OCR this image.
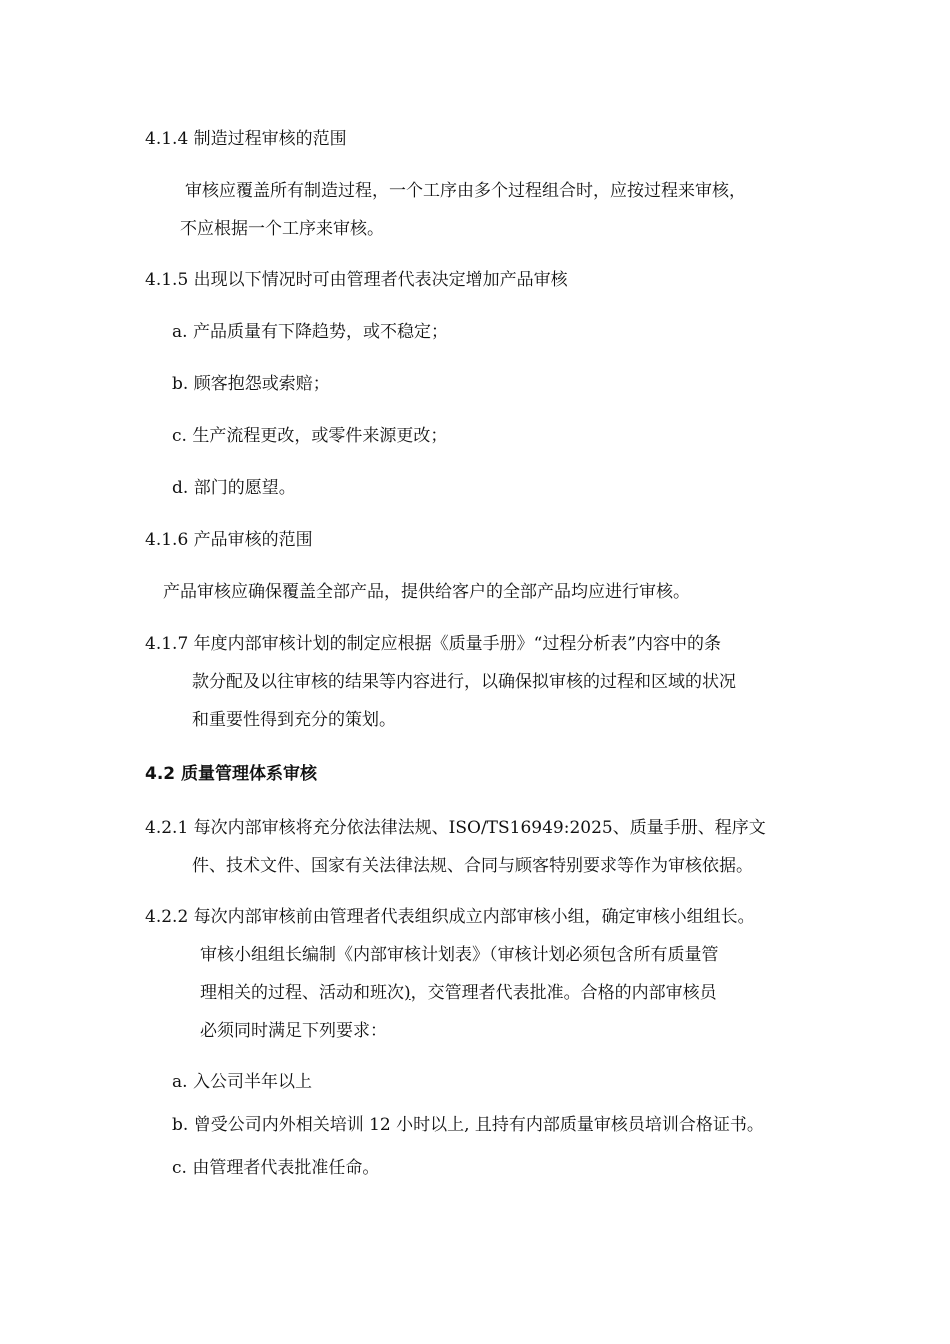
4.1.4 制造过程审核的范围
审核应覆盖所有制造过程，一个工序由多个过程组合时，应按过程来审核，
不应根据一个工序来审核。
4.1.5 出现以下情况时可由管理者代表决定增加产品审核
a. 产品质量有下降趋势，或不稳定；
b. 顾客抱怨或索赔；
c. 生产流程更改，或零件来源更改；
d. 部门的愿望。
4.1.6 产品审核的范围
产品审核应确保覆盖全部产品，提供给客户的全部产品均应进行审核。
4.1.7 年度内部审核计划的制定应根据《质量手册》“过程分析表”内容中的条
款分配及以往审核的结果等内容进行，以确保拟审核的过程和区域的状况
和重要性得到充分的策划。
4.2 质量管理体系审核
4.2.1 每次内部审核将充分依法律法规、ISO/TS16949:2025、质量手册、程序文
件、技术文件、国家有关法律法规、合同与顾客特别要求等作为审核依据。
4.2.2 每次内部审核前由管理者代表组织成立内部审核小组，确定审核小组组长。
审核小组组长编制《内部审核计划表》（审核计划必须包含所有质量管
理相关的过程、活动和班次)，交管理者代表批准。合格的内部审核员
必须同时满足下列要求：
a. 入公司半年以上
b. 曾受公司内外相关培训 12 小时以上, 且持有内部质量审核员培训合格证书。
c. 由管理者代表批准任命。
